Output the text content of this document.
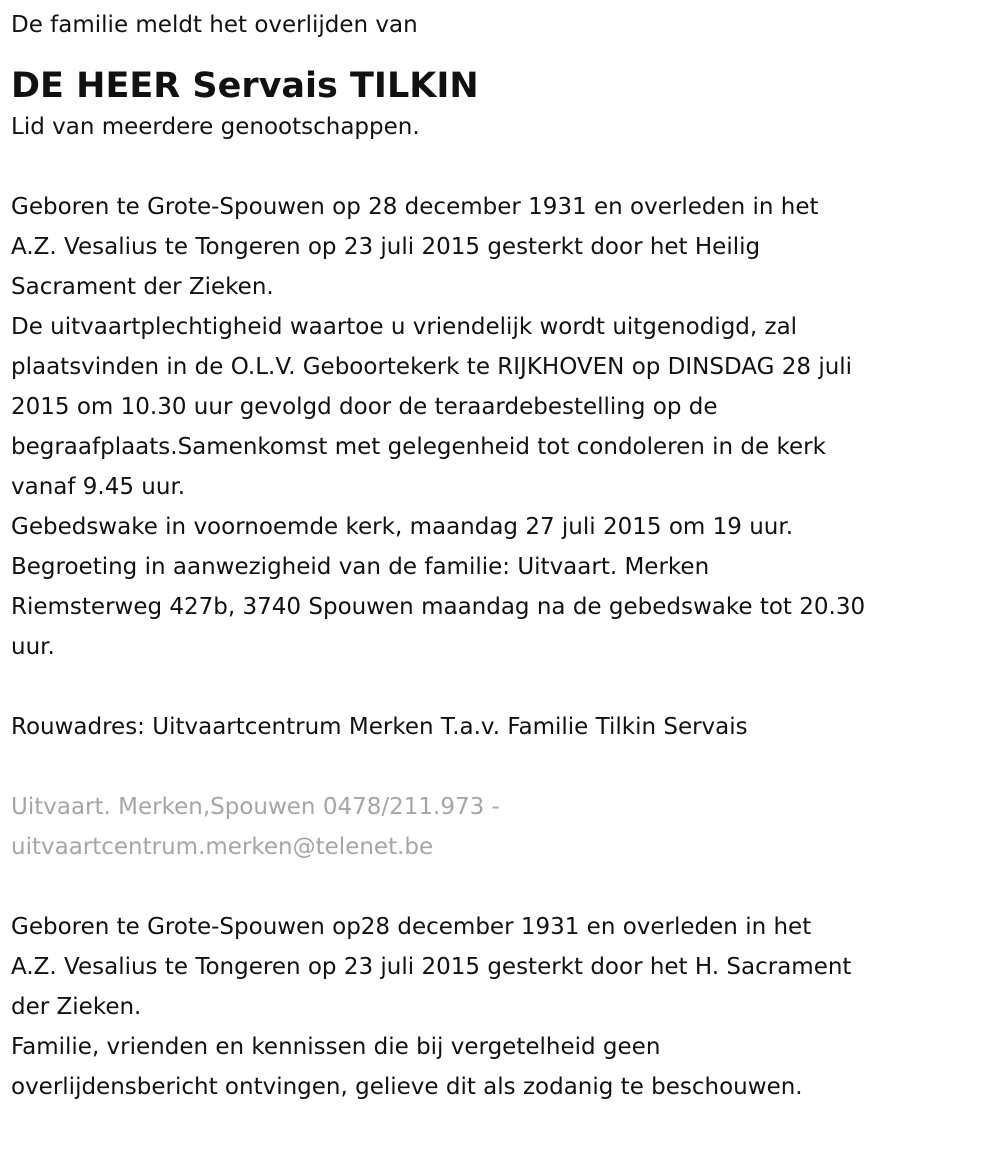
De familie meldt het overlijden van

DE HEER Servais TILKIN

Lid van meerdere genootschappen.

Geboren te Grote-Spouwen op 28 december 1931 en overleden in het
A.Z. Vesalius te Tongeren op 23 juli 2015 gesterkt door het Heilig
Sacrament der Zieken.

De uitvaartplechtigheid waartoe u vriendelijk wordt uitgenodigd, zal
plaatsvinden in de O.L.V. Geboortekerk te RIJKHOVEN op DINSDAG 28 juli
2015 om 10.30 uur gevolgd door de teraardebestelling op de
begraafplaats.Samenkomst met gelegenheid tot condoleren in de kerk
vanaf 9.45 uur.

Gebedswake in voornoemde kerk, maandag 27 juli 2015 om 19 uur.

Begroeting in aanwezigheid van de familie: Uitvaart. Merken
Riemsterweg 427b, 3740 Spouwen maandag na de gebedswake tot 20.30
uur.

Rouwadres: Uitvaartcentrum Merken T.a.v. Familie Tilkin Servais

Uitvaart. Merken,Spouwen 0478/211.973 -
uitvaartcentrum.merken@telenet.be

Geboren te Grote-Spouwen op28 december 1931 en overleden in het
A.Z. Vesalius te Tongeren op 23 juli 2015 gesterkt door het H. Sacrament
der Zieken.

Familie, vrienden en kennissen die bij vergetelheid geen
overlijdensbericht ontvingen, gelieve dit als zodanig te beschouwen.
